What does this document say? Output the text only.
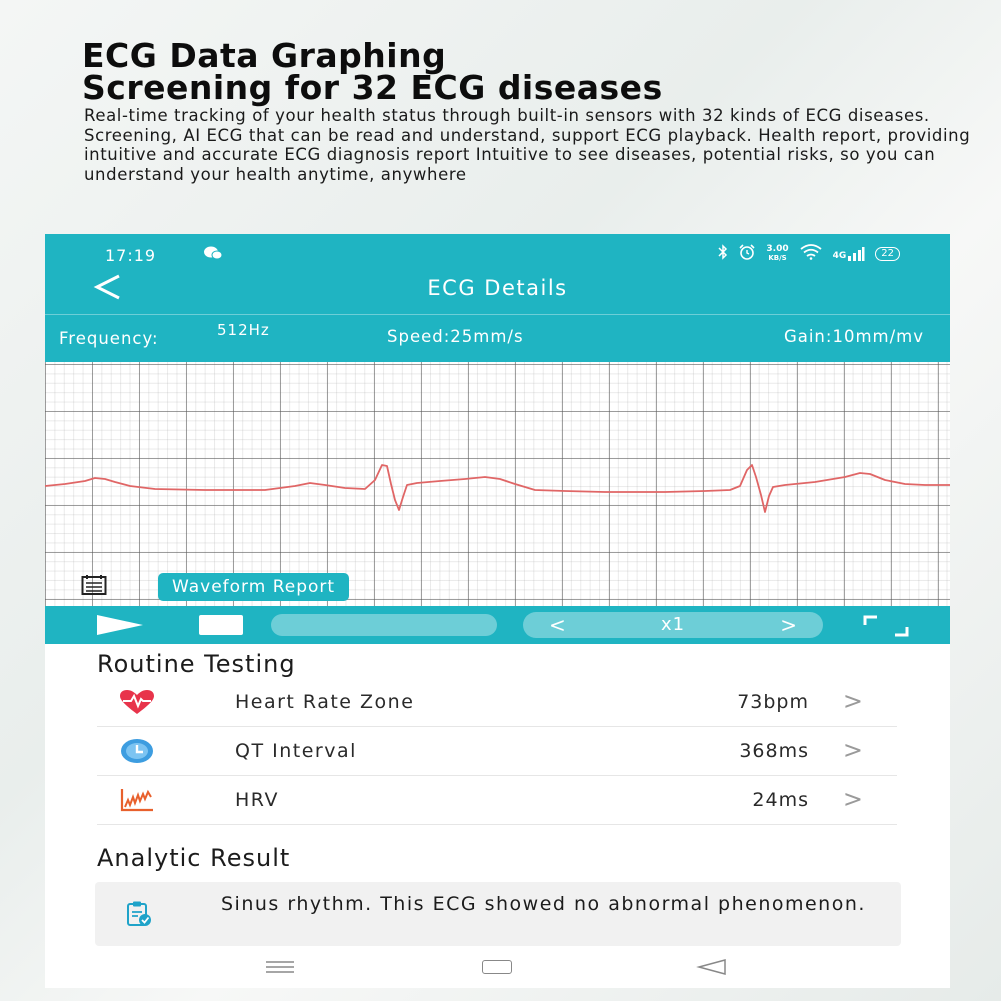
ECG Data Graphing
Screening for 32 ECG diseases
Real-time tracking of your health status through built-in sensors with 32 kinds of ECG diseases. Screening, AI ECG that can be read and understand, support ECG playback. Health report, providing intuitive and accurate ECG diagnosis report Intuitive to see diseases, potential risks, so you can understand your health anytime, anywhere
17:19	3.00
KB/S	4G	22
ECG Details
Frequency:	512Hz	Speed:25mm/s	Gain:10mm/mv
Waveform Report
x1
<	>
Routine Testing
Heart Rate Zone	73bpm >
QT Interval	368ms >
HRV	24ms >
Analytic Result
Sinus rhythm. This ECG showed no abnormal phenomenon.
